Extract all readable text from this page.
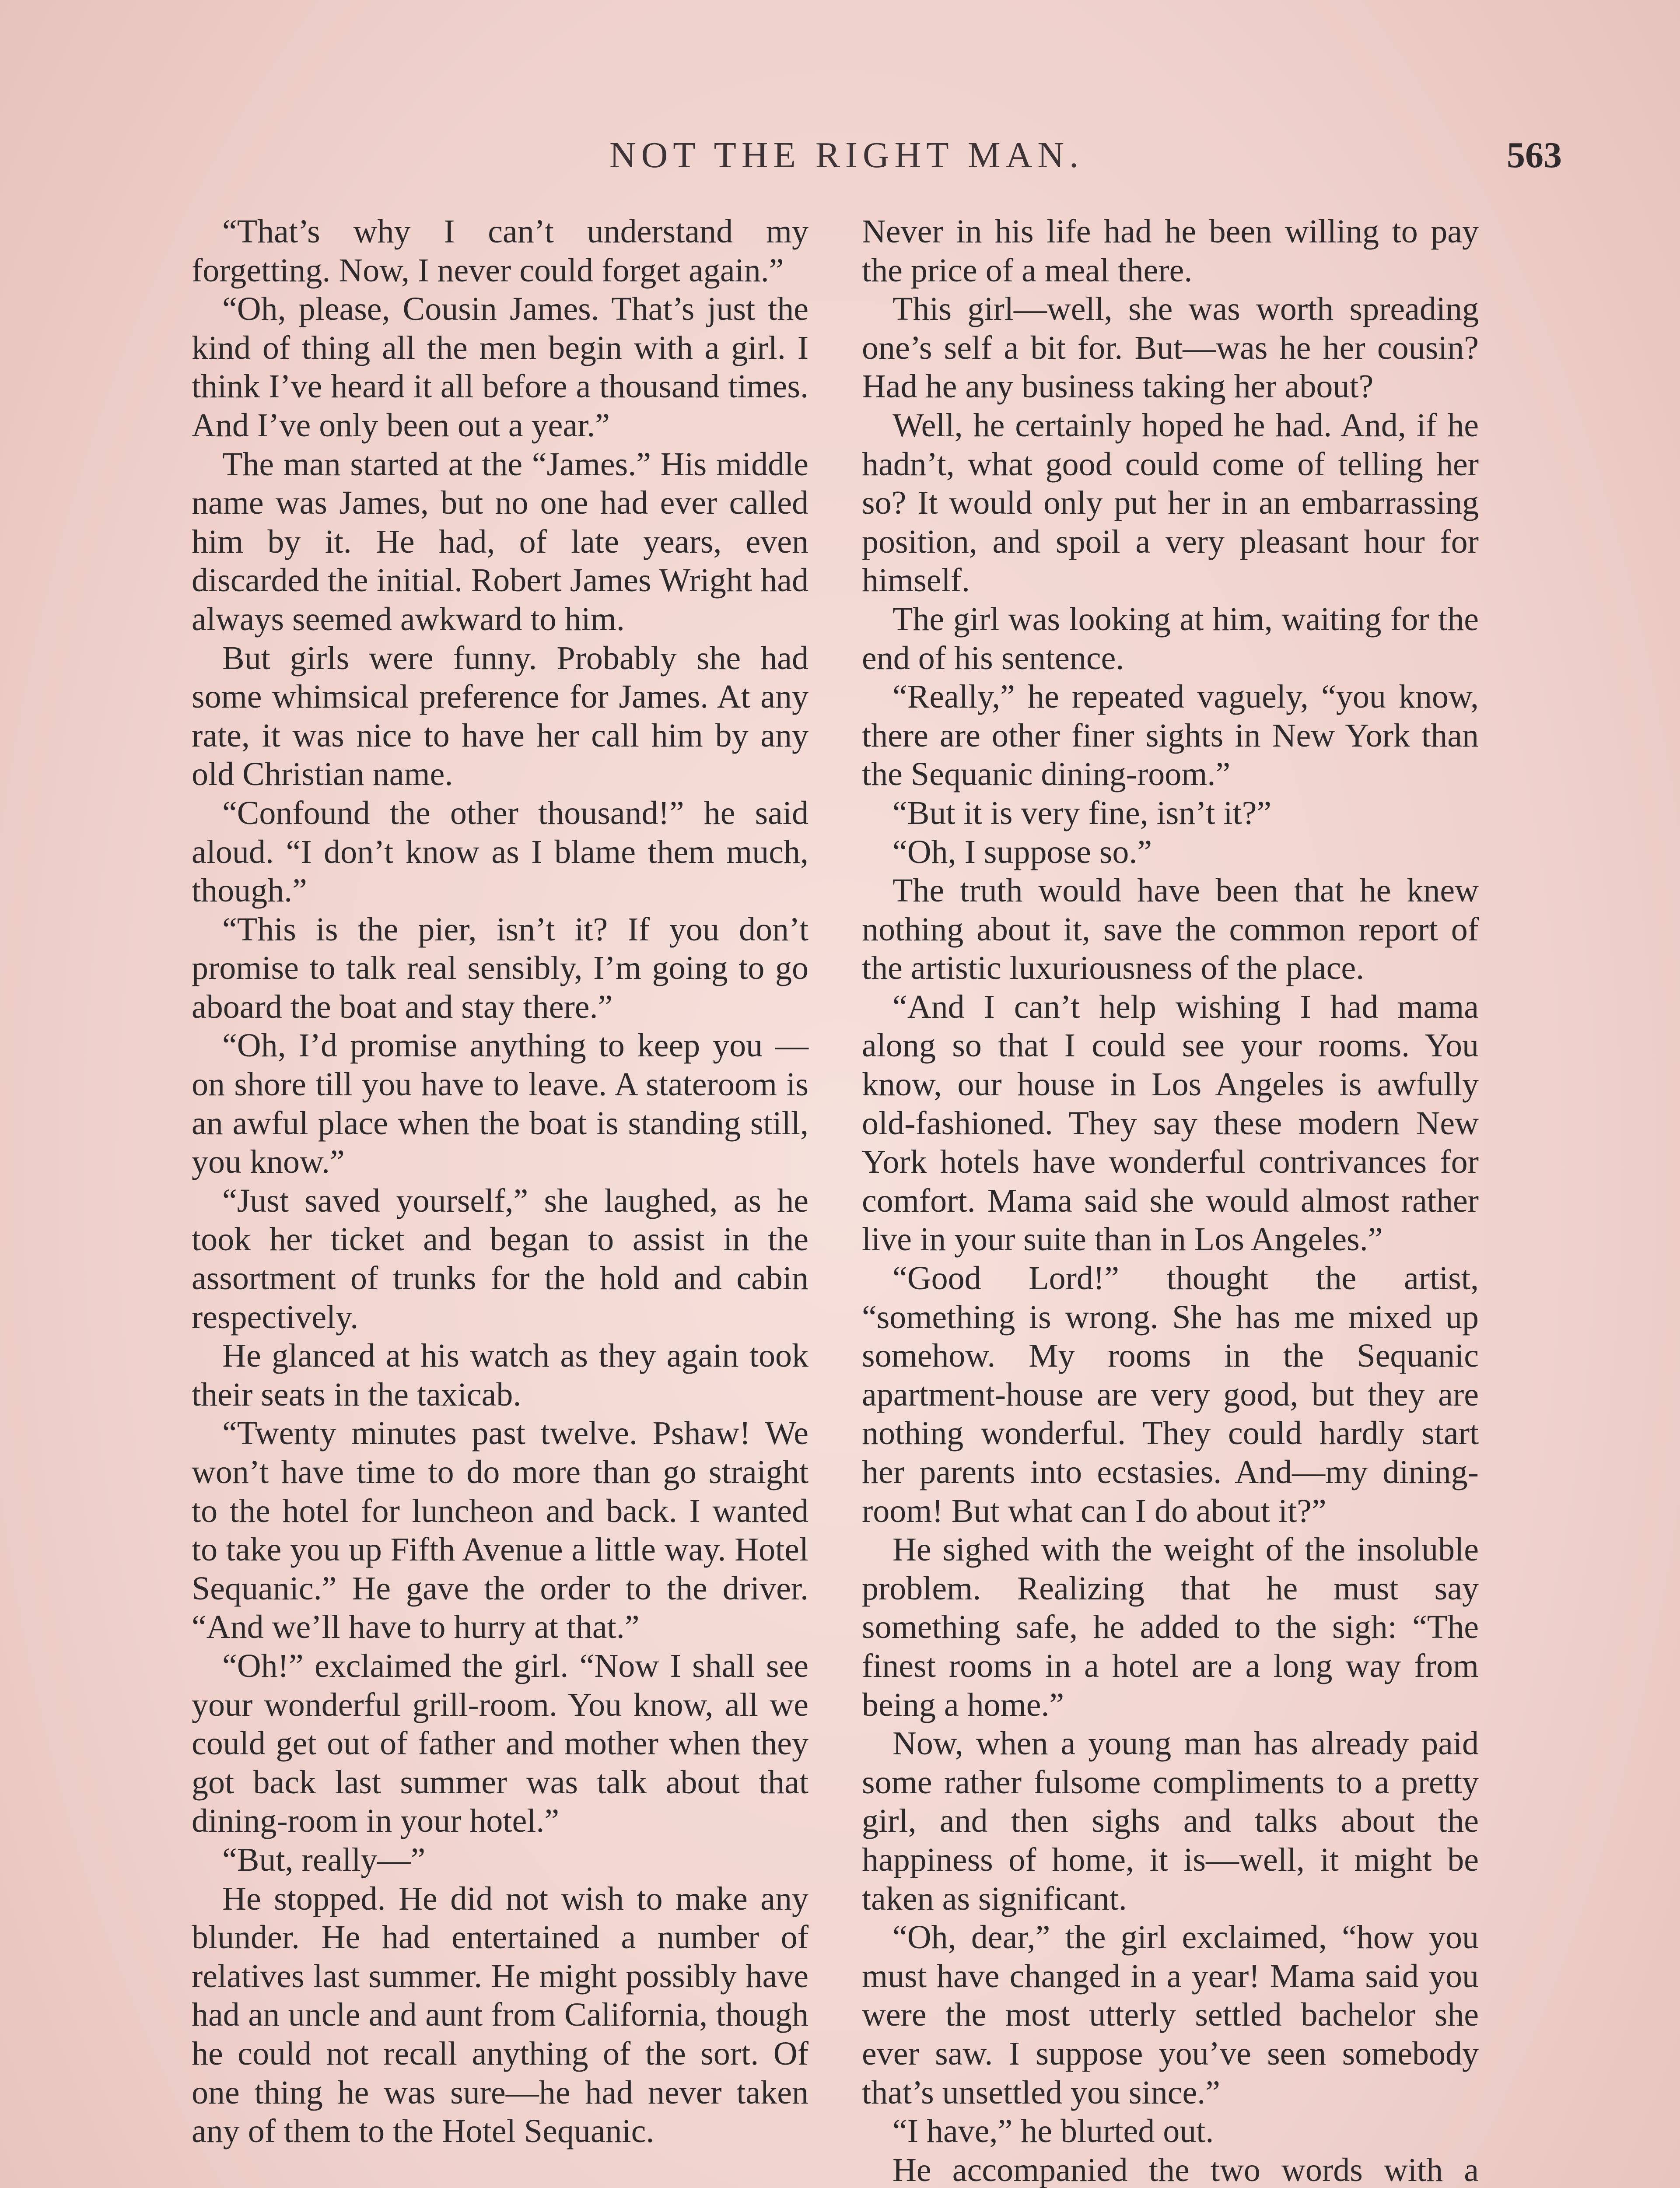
NOT THE RIGHT MAN.	563

“That’s why I can’t understand my forgetting. Now, I never could forget again.”

“Oh, please, Cousin James. That’s just the kind of thing all the men begin with a girl. I think I’ve heard it all before a thousand times. And I’ve only been out a year.”

The man started at the “James.” His middle name was James, but no one had ever called him by it. He had, of late years, even discarded the initial. Robert James Wright had always seemed awkward to him.

But girls were funny. Probably she had some whimsical preference for James. At any rate, it was nice to have her call him by any old Christian name.

“Confound the other thousand!” he said aloud. “I don’t know as I blame them much, though.”

“This is the pier, isn’t it? If you don’t promise to talk real sensibly, I’m going to go aboard the boat and stay there.”

“Oh, I’d promise anything to keep you —on shore till you have to leave. A stateroom is an awful place when the boat is standing still, you know.”

“Just saved yourself,” she laughed, as he took her ticket and began to assist in the assortment of trunks for the hold and cabin respectively.

He glanced at his watch as they again took their seats in the taxicab.

“Twenty minutes past twelve. Pshaw! We won’t have time to do more than go straight to the hotel for luncheon and back. I wanted to take you up Fifth Avenue a little way. Hotel Sequanic.” He gave the order to the driver. “And we’ll have to hurry at that.”

“Oh!” exclaimed the girl. “Now I shall see your wonderful grill-room. You know, all we could get out of father and mother when they got back last summer was talk about that dining-room in your hotel.”

“But, really—”

He stopped. He did not wish to make any blunder. He had entertained a number of relatives last summer. He might possibly have had an uncle and aunt from California, though he could not recall anything of the sort. Of one thing he was sure—he had never taken any of them to the Hotel Sequanic.

Never in his life had he been willing to pay the price of a meal there.

This girl—well, she was worth spreading one’s self a bit for. But—was he her cousin? Had he any business taking her about?

Well, he certainly hoped he had. And, if he hadn’t, what good could come of telling her so? It would only put her in an embarrassing position, and spoil a very pleasant hour for himself.

The girl was looking at him, waiting for the end of his sentence.

“Really,” he repeated vaguely, “you know, there are other finer sights in New York than the Sequanic dining-room.”

“But it is very fine, isn’t it?”

“Oh, I suppose so.”

The truth would have been that he knew nothing about it, save the common report of the artistic luxuriousness of the place.

“And I can’t help wishing I had mama along so that I could see your rooms. You know, our house in Los Angeles is awfully old-fashioned. They say these modern New York hotels have wonderful contrivances for comfort. Mama said she would almost rather live in your suite than in Los Angeles.”

“Good Lord!” thought the artist, “something is wrong. She has me mixed up somehow. My rooms in the Sequanic apartment-house are very good, but they are nothing wonderful. They could hardly start her parents into ecstasies. And—my dining-room! But what can I do about it?”

He sighed with the weight of the insoluble problem. Realizing that he must say something safe, he added to the sigh: “The finest rooms in a hotel are a long way from being a home.”

Now, when a young man has already paid some rather fulsome compliments to a pretty girl, and then sighs and talks about the happiness of home, it is—well, it might be taken as significant.

“Oh, dear,” the girl exclaimed, “how you must have changed in a year! Mama said you were the most utterly settled bachelor she ever saw. I suppose you’ve seen somebody that’s unsettled you since.”

“I have,” he blurted out.

He accompanied the two words with a
